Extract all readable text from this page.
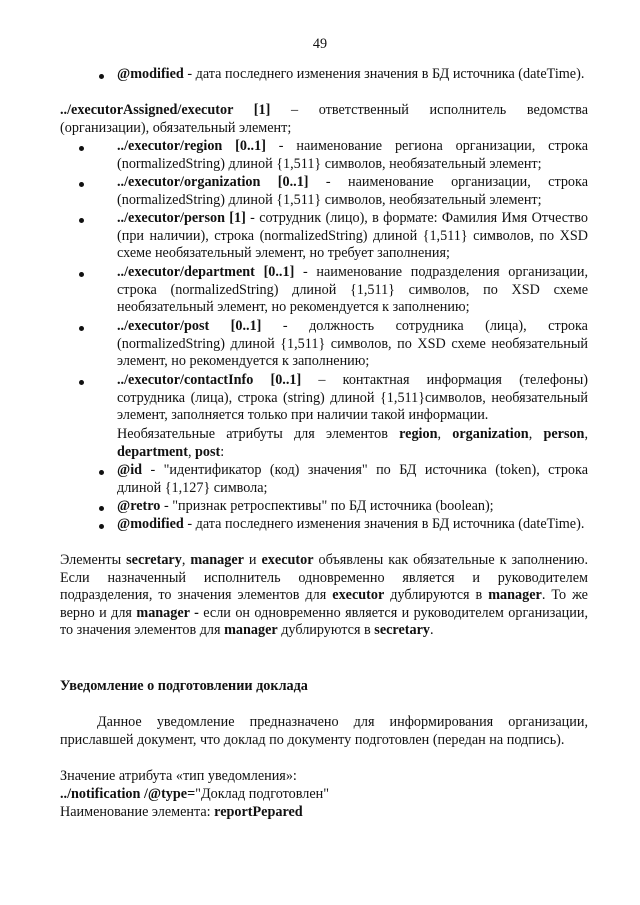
49
@modified - дата последнего изменения значения в БД источника (dateTime).
../executorAssigned/executor [1] – ответственный исполнитель ведомства (организации), обязательный элемент;
../executor/region [0..1] - наименование региона организации, строка (normalizedString) длиной {1,511} символов, необязательный элемент;
../executor/organization [0..1] - наименование организации, строка (normalizedString) длиной {1,511} символов, необязательный элемент;
../executor/person [1] - сотрудник (лицо), в формате: Фамилия Имя Отчество (при наличии), строка (normalizedString) длиной {1,511} символов, по XSD схеме необязательный элемент, но требует заполнения;
../executor/department [0..1] - наименование подразделения организации, строка (normalizedString) длиной {1,511} символов, по XSD схеме необязательный элемент, но рекомендуется к заполнению;
../executor/post [0..1] - должность сотрудника (лица), строка (normalizedString) длиной {1,511} символов, по XSD схеме необязательный элемент, но рекомендуется к заполнению;
../executor/contactInfo [0..1] – контактная информация (телефоны) сотрудника (лица), строка (string) длиной {1,511}символов, необязательный элемент, заполняется только при наличии такой информации.
Необязательные атрибуты для элементов region, organization, person, department, post:
@id - "идентификатор (код) значения" по БД источника (token), строка длиной {1,127} символа;
@retro - "признак ретроспективы" по БД источника (boolean);
@modified - дата последнего изменения значения в БД источника (dateTime).
Элементы secretary, manager и executor объявлены как обязательные к заполнению. Если назначенный исполнитель одновременно является и руководителем подразделения, то значения элементов для executor дублируются в manager. То же верно и для manager - если он одновременно является и руководителем организации, то значения элементов для manager дублируются в secretary.
Уведомление о подготовлении доклада
Данное уведомление предназначено для информирования организации, приславшей документ, что доклад по документу подготовлен (передан на подпись).
Значение атрибута «тип уведомления»:
../notification /@type="Доклад подготовлен"
Наименование элемента: reportPepared
